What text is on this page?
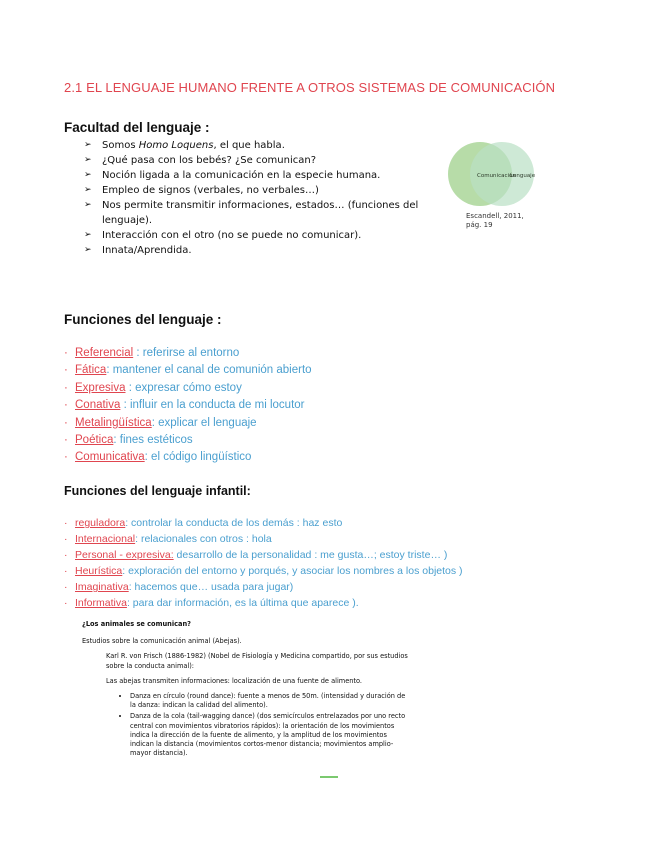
2.1 EL LENGUAJE HUMANO FRENTE A OTROS SISTEMAS DE COMUNICACIÓN
Facultad del lenguaje :
➢ Somos Homo Loquens, el que habla.
➢ ¿Qué pasa con los bebés? ¿Se comunican?
➢ Noción ligada a la comunicación en la especie humana.
➢ Empleo de signos (verbales, no verbales…)
➢ Nos permite transmitir informaciones, estados… (funciones del lenguaje).
➢ Interacción con el otro (no se puede no comunicar).
➢ Innata/Aprendida.
Comunicación
Lenguaje
Escandell, 2011,
pág. 19
Funciones del lenguaje :
· Referencial : referirse al entorno
· Fática: mantener el canal de comunión abierto
· Expresiva : expresar cómo estoy
· Conativa : influir en la conducta de mi locutor
· Metalingüística: explicar el lenguaje
· Poética: fines estéticos
· Comunicativa: el código lingüístico
Funciones del lenguaje infantil:
· reguladora: controlar la conducta de los demás : haz esto
· Internacional: relacionales con otros : hola
· Personal - expresiva: desarrollo de la personalidad : me gusta…; estoy triste… )
· Heurística: exploración del entorno y porqués, y asociar los nombres a los objetos )
· Imaginativa: hacemos que… usada para jugar)
· Informativa: para dar información, es la última que aparece ).
¿Los animales se comunican?
Estudios sobre la comunicación animal (Abejas).

Karl R. von Frisch (1886-1982) (Nobel de Fisiología y Medicina compartido, por sus estudios sobre la conducta animal):

Las abejas transmiten informaciones: localización de una fuente de alimento.

• Danza en círculo (round dance): fuente a menos de 50m. (intensidad y duración de la danza: indican la calidad del alimento).
• Danza de la cola (tail-wagging dance) (dos semicírculos entrelazados por uno recto central con movimientos vibratorios rápidos): la orientación de los movimientos indica la dirección de la fuente de alimento, y la amplitud de los movimientos indican la distancia (movimientos cortos-menor distancia; movimientos amplio-mayor distancia).
